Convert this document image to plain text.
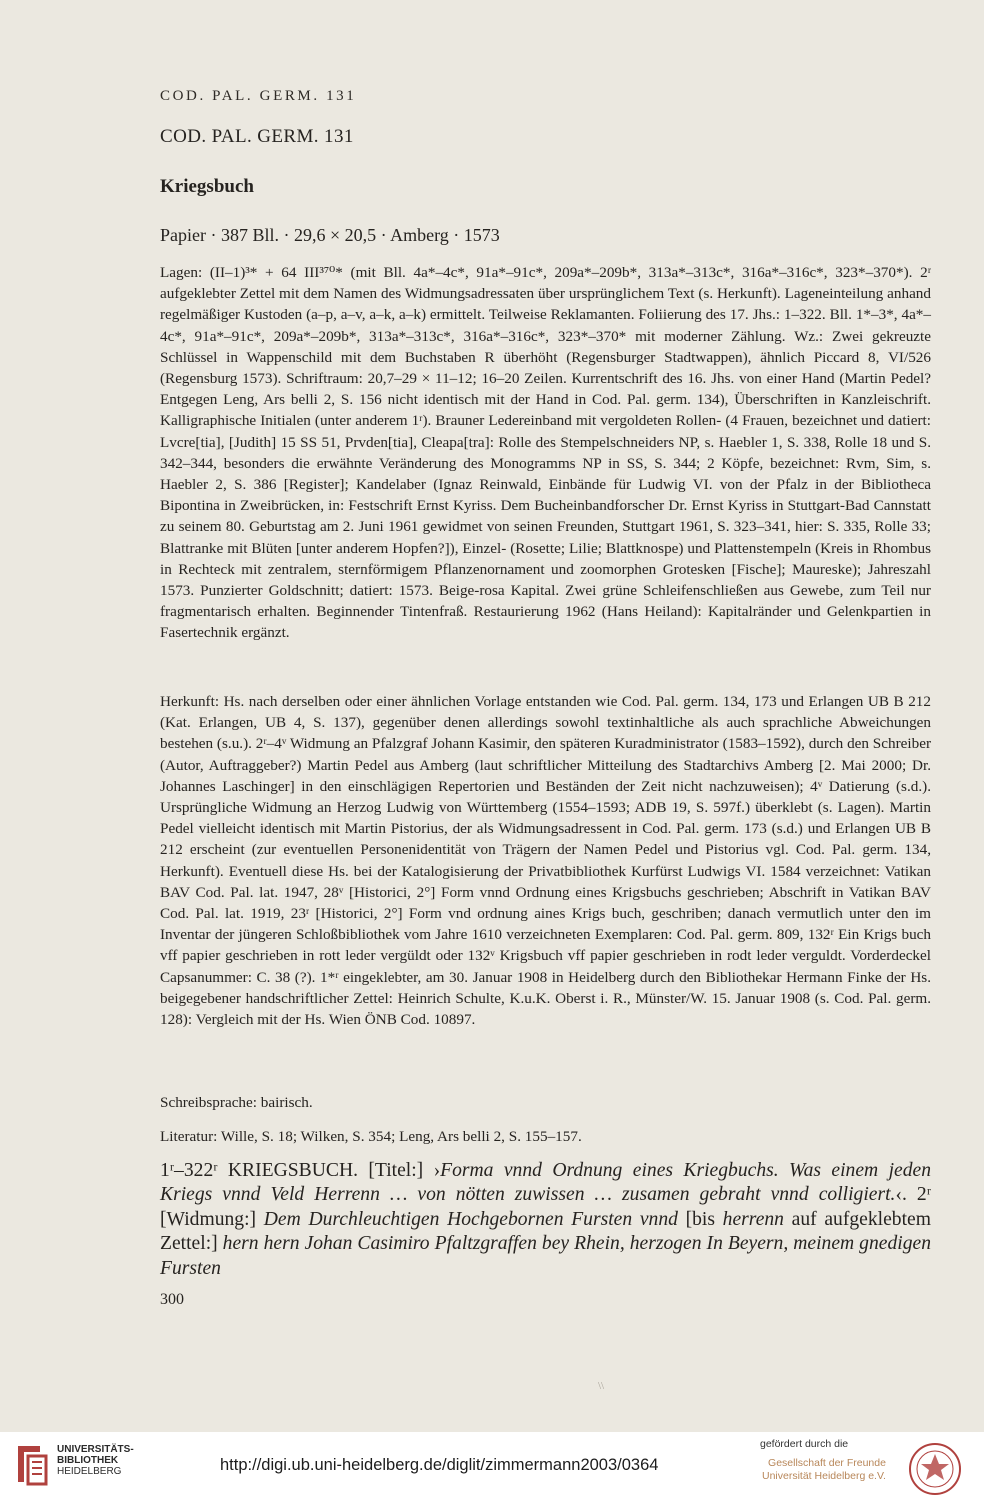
COD. PAL. GERM. 131
COD. PAL. GERM. 131
Kriegsbuch
Papier · 387 Bll. · 29,6 × 20,5 · Amberg · 1573
Lagen: (II–1)³* + 64 III³⁷⁰* (mit Bll. 4a*–4c*, 91a*–91c*, 209a*–209b*, 313a*–313c*, 316a*–316c*, 323*–370*). 2ʳ aufgeklebter Zettel mit dem Namen des Widmungsadressaten über ursprünglichem Text (s. Herkunft). Lageneinteilung anhand regelmäßiger Kustoden (a–p, a–v, a–k, a–k) ermittelt. Teilweise Reklamanten. Foliierung des 17. Jhs.: 1–322. Bll. 1*–3*, 4a*–4c*, 91a*–91c*, 209a*–209b*, 313a*–313c*, 316a*–316c*, 323*–370* mit moderner Zählung. Wz.: Zwei gekreuzte Schlüssel in Wappenschild mit dem Buchstaben R überhöht (Regensburger Stadtwappen), ähnlich Piccard 8, VI/526 (Regensburg 1573). Schriftraum: 20,7–29 × 11–12; 16–20 Zeilen. Kurrentschrift des 16. Jhs. von einer Hand (Martin Pedel? Entgegen Leng, Ars belli 2, S. 156 nicht identisch mit der Hand in Cod. Pal. germ. 134), Überschriften in Kanzleischrift. Kalligraphische Initialen (unter anderem 1ʳ). Brauner Ledereinband mit vergoldeten Rollen- (4 Frauen, bezeichnet und datiert: Lvcre[tia], [Judith] 15 SS 51, Prvden[tia], Cleapa[tra]: Rolle des Stempelschneiders NP, s. Haebler 1, S. 338, Rolle 18 und S. 342–344, besonders die erwähnte Veränderung des Monogramms NP in SS, S. 344; 2 Köpfe, bezeichnet: Rvm, Sim, s. Haebler 2, S. 386 [Register]; Kandelaber (Ignaz Reinwald, Einbände für Ludwig VI. von der Pfalz in der Bibliotheca Bipontina in Zweibrücken, in: Festschrift Ernst Kyriss. Dem Bucheinbandforscher Dr. Ernst Kyriss in Stuttgart-Bad Cannstatt zu seinem 80. Geburtstag am 2. Juni 1961 gewidmet von seinen Freunden, Stuttgart 1961, S. 323–341, hier: S. 335, Rolle 33; Blattranke mit Blüten [unter anderem Hopfen?]), Einzel- (Rosette; Lilie; Blattknospe) und Plattenstempeln (Kreis in Rhombus in Rechteck mit zentralem, sternförmigem Pflanzenornament und zoomorphen Grotesken [Fische]; Maureske); Jahreszahl 1573. Punzierter Goldschnitt; datiert: 1573. Beige-rosa Kapital. Zwei grüne Schleifenschließen aus Gewebe, zum Teil nur fragmentarisch erhalten. Beginnender Tintenfraß. Restaurierung 1962 (Hans Heiland): Kapitalränder und Gelenkpartien in Fasertechnik ergänzt.
Herkunft: Hs. nach derselben oder einer ähnlichen Vorlage entstanden wie Cod. Pal. germ. 134, 173 und Erlangen UB B 212 (Kat. Erlangen, UB 4, S. 137), gegenüber denen allerdings sowohl textinhaltliche als auch sprachliche Abweichungen bestehen (s.u.). 2ʳ–4ᵛ Widmung an Pfalzgraf Johann Kasimir, den späteren Kuradministrator (1583–1592), durch den Schreiber (Autor, Auftraggeber?) Martin Pedel aus Amberg (laut schriftlicher Mitteilung des Stadtarchivs Amberg [2. Mai 2000; Dr. Johannes Laschinger] in den einschlägigen Repertorien und Beständen der Zeit nicht nachzuweisen); 4ᵛ Datierung (s.d.). Ursprüngliche Widmung an Herzog Ludwig von Württemberg (1554–1593; ADB 19, S. 597f.) überklebt (s. Lagen). Martin Pedel vielleicht identisch mit Martin Pistorius, der als Widmungsadressent in Cod. Pal. germ. 173 (s.d.) und Erlangen UB B 212 erscheint (zur eventuellen Personenidentität von Trägern der Namen Pedel und Pistorius vgl. Cod. Pal. germ. 134, Herkunft). Eventuell diese Hs. bei der Katalogisierung der Privatbibliothek Kurfürst Ludwigs VI. 1584 verzeichnet: Vatikan BAV Cod. Pal. lat. 1947, 28ᵛ [Historici, 2°] Form vnnd Ordnung eines Krigsbuchs geschrieben; Abschrift in Vatikan BAV Cod. Pal. lat. 1919, 23ʳ [Historici, 2°] Form vnd ordnung aines Krigs buch, geschriben; danach vermutlich unter den im Inventar der jüngeren Schloßbibliothek vom Jahre 1610 verzeichneten Exemplaren: Cod. Pal. germ. 809, 132ʳ Ein Krigs buch vff papier geschrieben in rott leder vergüldt oder 132ᵛ Krigsbuch vff papier geschrieben in rodt leder verguldt. Vorderdeckel Capsanummer: C. 38 (?). 1*ʳ eingeklebter, am 30. Januar 1908 in Heidelberg durch den Bibliothekar Hermann Finke der Hs. beigegebener handschriftlicher Zettel: Heinrich Schulte, K.u.K. Oberst i. R., Münster/W. 15. Januar 1908 (s. Cod. Pal. germ. 128): Vergleich mit der Hs. Wien ÖNB Cod. 10897.
Schreibsprache: bairisch.
Literatur: Wille, S. 18; Wilken, S. 354; Leng, Ars belli 2, S. 155–157.
1ʳ–322ʳ KRIEGSBUCH. [Titel:] ›Forma vnnd Ordnung eines Kriegbuchs. Was einem jeden Kriegs vnnd Veld Herrenn … von nötten zuwissen … zusamen gebraht vnnd colligiert.‹. 2ʳ [Widmung:] Dem Durchleuchtigen Hochgebornen Fursten vnnd [bis herrenn auf aufgeklebtem Zettel:] hern hern Johan Casimiro Pfaltzgraffen bey Rhein, herzogen In Beyern, meinem gnedigen Fursten
300
\\
UNIVERSITÄTS-
BIBLIOTHEK
HEIDELBERG	http://digi.ub.uni-heidelberg.de/diglit/zimmermann2003/0364
gefördert durch die
Gesellschaft der Freunde
Universität Heidelberg e.V.
